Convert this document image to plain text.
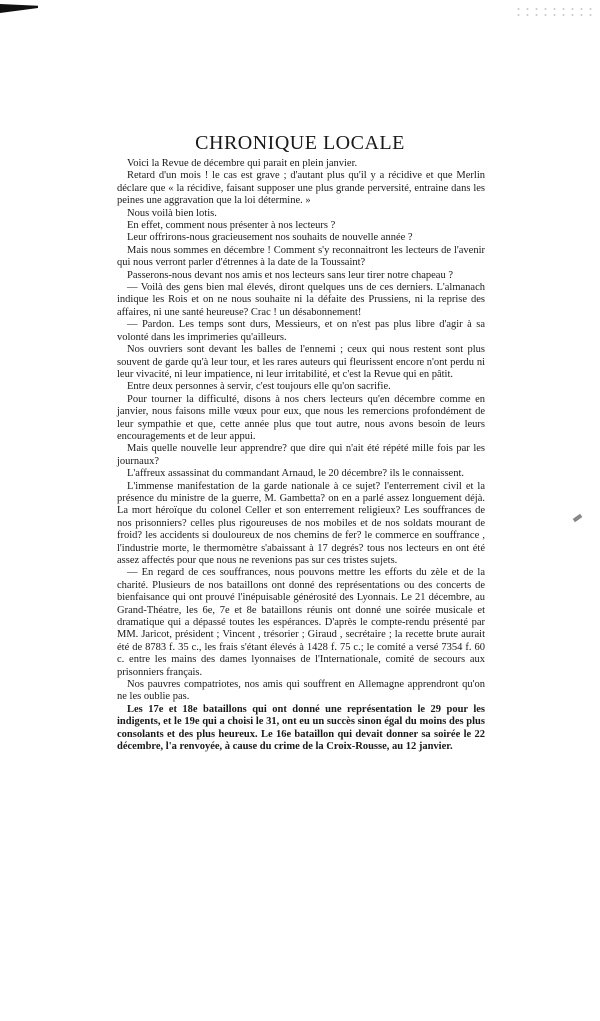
CHRONIQUE LOCALE

Voici la Revue de décembre qui parait en plein janvier.

Retard d'un mois ! le cas est grave ; d'autant plus qu'il y a récidive et que Merlin déclare que « la récidive, faisant supposer une plus grande perversité, entraine dans les peines une aggravation que la loi détermine. »

Nous voilà bien lotis.

En effet, comment nous présenter à nos lecteurs ?

Leur offrirons-nous gracieusement nos souhaits de nouvelle année ?

Mais nous sommes en décembre ! Comment s'y reconnaitront les lecteurs de l'avenir qui nous verront parler d'étrennes à la date de la Toussaint?

Passerons-nous devant nos amis et nos lecteurs sans leur tirer notre chapeau ?

— Voilà des gens bien mal élevés, diront quelques uns de ces derniers. L'almanach indique les Rois et on ne nous souhaite ni la défaite des Prussiens, ni la reprise des affaires, ni une santé heureuse? Crac ! un désabonnement!

— Pardon. Les temps sont durs, Messieurs, et on n'est pas plus libre d'agir à sa volonté dans les imprimeries qu'ailleurs.

Nos ouvriers sont devant les balles de l'ennemi ; ceux qui nous restent sont plus souvent de garde qu'à leur tour, et les rares auteurs qui fleurissent encore n'ont perdu ni leur vivacité, ni leur impatience, ni leur irritabilité, et c'est la Revue qui en pâtit.

Entre deux personnes à servir, c'est toujours elle qu'on sacrifie.

Pour tourner la difficulté, disons à nos chers lecteurs qu'en décembre comme en janvier, nous faisons mille vœux pour eux, que nous les remercions profondément de leur sympathie et que, cette année plus que tout autre, nous avons besoin de leurs encouragements et de leur appui.

Mais quelle nouvelle leur apprendre? que dire qui n'ait été répété mille fois par les journaux?

L'affreux assassinat du commandant Arnaud, le 20 décembre? ils le connaissent.

L'immense manifestation de la garde nationale à ce sujet? l'enterrement civil et la présence du ministre de la guerre, M. Gambetta? on en a parlé assez longuement déjà. La mort héroïque du colonel Celler et son enterrement religieux? Les souffrances de nos prisonniers? celles plus rigoureuses de nos mobiles et de nos soldats mourant de froid? les accidents si douloureux de nos chemins de fer? le commerce en souffrance , l'industrie morte, le thermomètre s'abaissant à 17 degrés? tous nos lecteurs en ont été assez affectés pour que nous ne revenions pas sur ces tristes sujets.

— En regard de ces souffrances, nous pouvons mettre les efforts du zèle et de la charité. Plusieurs de nos bataillons ont donné des représentations ou des concerts de bienfaisance qui ont prouvé l'inépuisable générosité des Lyonnais. Le 21 décembre, au Grand-Théatre, les 6e, 7e et 8e bataillons réunis ont donné une soirée musicale et dramatique qui a dépassé toutes les espérances. D'après le compte-rendu présenté par MM. Jaricot, président ; Vincent , trésorier ; Giraud , secrétaire ; la recette brute aurait été de 8783 f. 35 c., les frais s'étant élevés à 1428 f. 75 c.; le comité a versé 7354 f. 60 c. entre les mains des dames lyonnaises de l'Internationale, comité de secours aux prisonniers français.

Nos pauvres compatriotes, nos amis qui souffrent en Allemagne apprendront qu'on ne les oublie pas.

Les 17e et 18e bataillons qui ont donné une représentation le 29 pour les indigents, et le 19e qui a choisi le 31, ont eu un succès sinon égal du moins des plus consolants et des plus heureux. Le 16e bataillon qui devait donner sa soirée le 22 décembre, l'a renvoyée, à cause du crime de la Croix-Rousse, au 12 janvier.
